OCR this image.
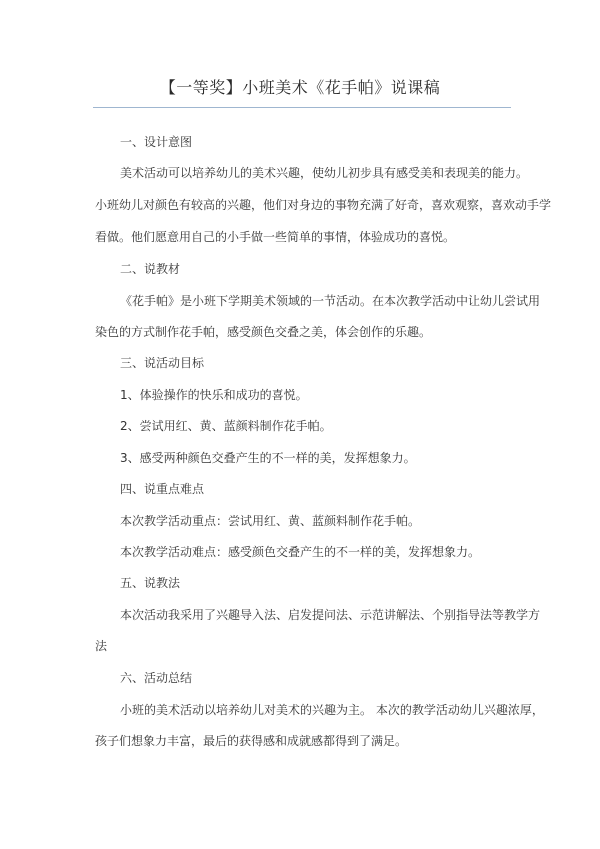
【一等奖】小班美术《花手帕》说课稿
一、设计意图
美术活动可以培养幼儿的美术兴趣，使幼儿初步具有感受美和表现美的能力。
小班幼儿对颜色有较高的兴趣，他们对身边的事物充满了好奇，喜欢观察，喜欢动手学
看做。他们愿意用自己的小手做一些简单的事情，体验成功的喜悦。
二、说教材
《花手帕》是小班下学期美术领域的一节活动。在本次教学活动中让幼儿尝试用
染色的方式制作花手帕，感受颜色交叠之美，体会创作的乐趣。
三、说活动目标
1、体验操作的快乐和成功的喜悦。
2、尝试用红、黄、蓝颜料制作花手帕。
3、感受两种颜色交叠产生的不一样的美，发挥想象力。
四、说重点难点
本次教学活动重点：尝试用红、黄、蓝颜料制作花手帕。
本次教学活动难点：感受颜色交叠产生的不一样的美，发挥想象力。
五、说教法
本次活动我采用了兴趣导入法、启发提问法、示范讲解法、个别指导法等教学方
法
六、活动总结
小班的美术活动以培养幼儿对美术的兴趣为主。 本次的教学活动幼儿兴趣浓厚，
孩子们想象力丰富，最后的获得感和成就感都得到了满足。
